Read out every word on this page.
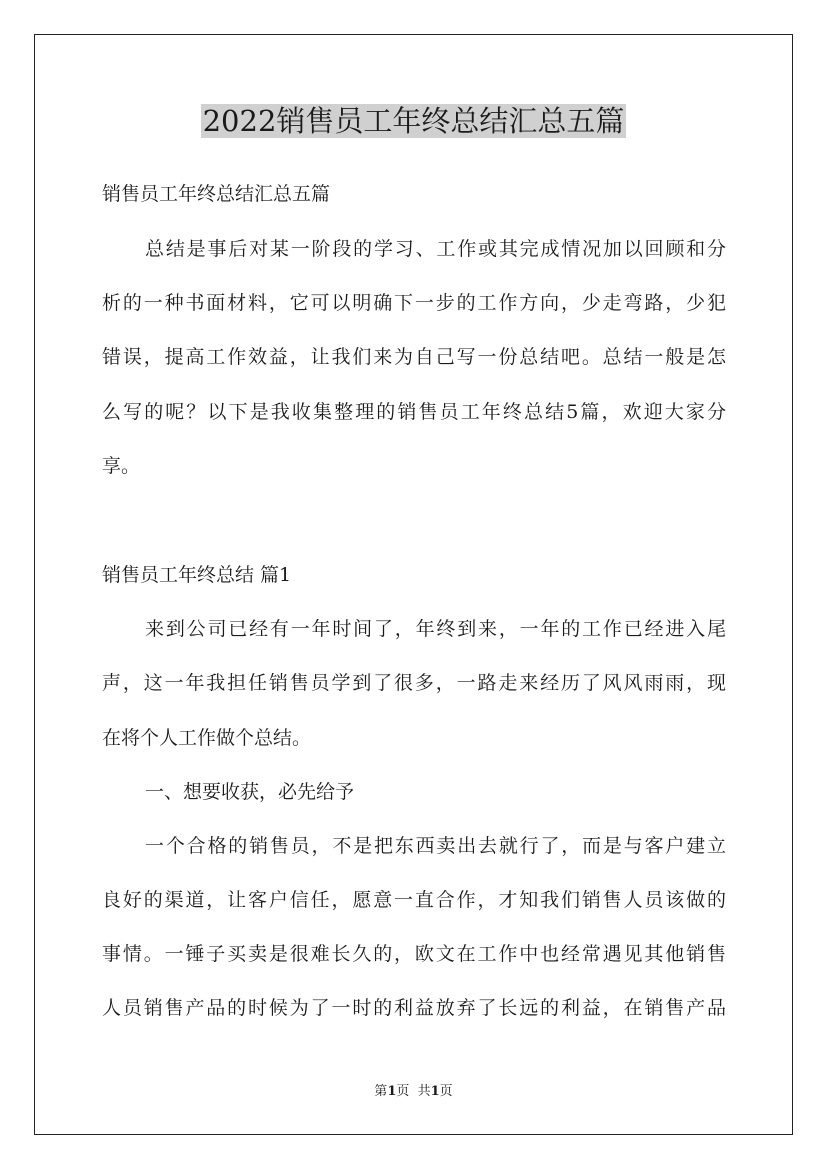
2022销售员工年终总结汇总五篇
销售员工年终总结汇总五篇
总结是事后对某一阶段的学习、工作或其完成情况加以回顾和分
析的一种书面材料，它可以明确下一步的工作方向，少走弯路，少犯
错误，提高工作效益，让我们来为自己写一份总结吧。总结一般是怎
么写的呢？以下是我收集整理的销售员工年终总结5篇，欢迎大家分
享。
销售员工年终总结 篇1
来到公司已经有一年时间了，年终到来，一年的工作已经进入尾
声，这一年我担任销售员学到了很多，一路走来经历了风风雨雨，现
在将个人工作做个总结。
一、想要收获，必先给予
一个合格的销售员，不是把东西卖出去就行了，而是与客户建立
良好的渠道，让客户信任，愿意一直合作，才知我们销售人员该做的
事情。一锤子买卖是很难长久的，欧文在工作中也经常遇见其他销售
人员销售产品的时候为了一时的利益放弃了长远的利益，在销售产品
第1页  共1页
